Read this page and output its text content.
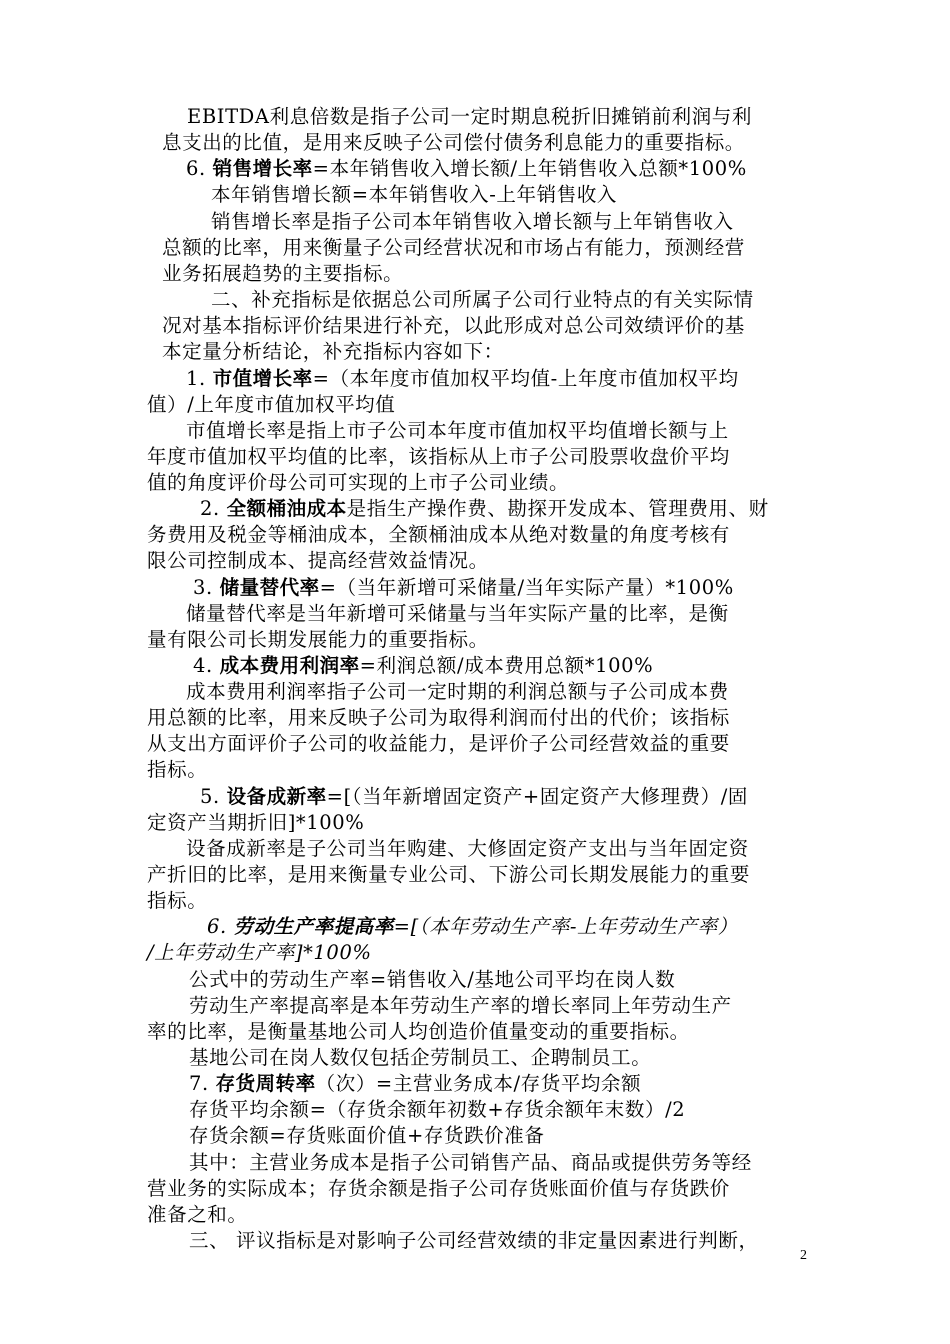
EBITDA利息倍数是指子公司一定时期息税折旧摊销前利润与利
息支出的比值，是用来反映子公司偿付债务利息能力的重要指标。
6. 销售增长率=本年销售收入增长额/上年销售收入总额*100%
本年销售增长额=本年销售收入-上年销售收入
销售增长率是指子公司本年销售收入增长额与上年销售收入
总额的比率，用来衡量子公司经营状况和市场占有能力，预测经营
业务拓展趋势的主要指标。
二、补充指标是依据总公司所属子公司行业特点的有关实际情
况对基本指标评价结果进行补充，以此形成对总公司效绩评价的基
本定量分析结论，补充指标内容如下：
1. 市值增长率=（本年度市值加权平均值-上年度市值加权平均
值）/上年度市值加权平均值
市值增长率是指上市子公司本年度市值加权平均值增长额与上
年度市值加权平均值的比率，该指标从上市子公司股票收盘价平均
值的角度评价母公司可实现的上市子公司业绩。
2. 全额桶油成本是指生产操作费、勘探开发成本、管理费用、财
务费用及税金等桶油成本，全额桶油成本从绝对数量的角度考核有
限公司控制成本、提高经营效益情况。
3. 储量替代率=（当年新增可采储量/当年实际产量）*100%
储量替代率是当年新增可采储量与当年实际产量的比率，是衡
量有限公司长期发展能力的重要指标。
4. 成本费用利润率=利润总额/成本费用总额*100%
成本费用利润率指子公司一定时期的利润总额与子公司成本费
用总额的比率，用来反映子公司为取得利润而付出的代价；该指标
从支出方面评价子公司的收益能力，是评价子公司经营效益的重要
指标。
5. 设备成新率=[（当年新增固定资产+固定资产大修理费）/固
定资产当期折旧]*100%
设备成新率是子公司当年购建、大修固定资产支出与当年固定资
产折旧的比率，是用来衡量专业公司、下游公司长期发展能力的重要
指标。
6. 劳动生产率提高率=[（本年劳动生产率-上年劳动生产率）
/上年劳动生产率]*100%
公式中的劳动生产率=销售收入/基地公司平均在岗人数
劳动生产率提高率是本年劳动生产率的增长率同上年劳动生产
率的比率，是衡量基地公司人均创造价值量变动的重要指标。
基地公司在岗人数仅包括企劳制员工、企聘制员工。
7. 存货周转率（次）=主营业务成本/存货平均余额
存货平均余额=（存货余额年初数+存货余额年末数）/2
存货余额=存货账面价值+存货跌价准备
其中：主营业务成本是指子公司销售产品、商品或提供劳务等经
营业务的实际成本；存货余额是指子公司存货账面价值与存货跌价
准备之和。
三、 评议指标是对影响子公司经营效绩的非定量因素进行判断，
2
